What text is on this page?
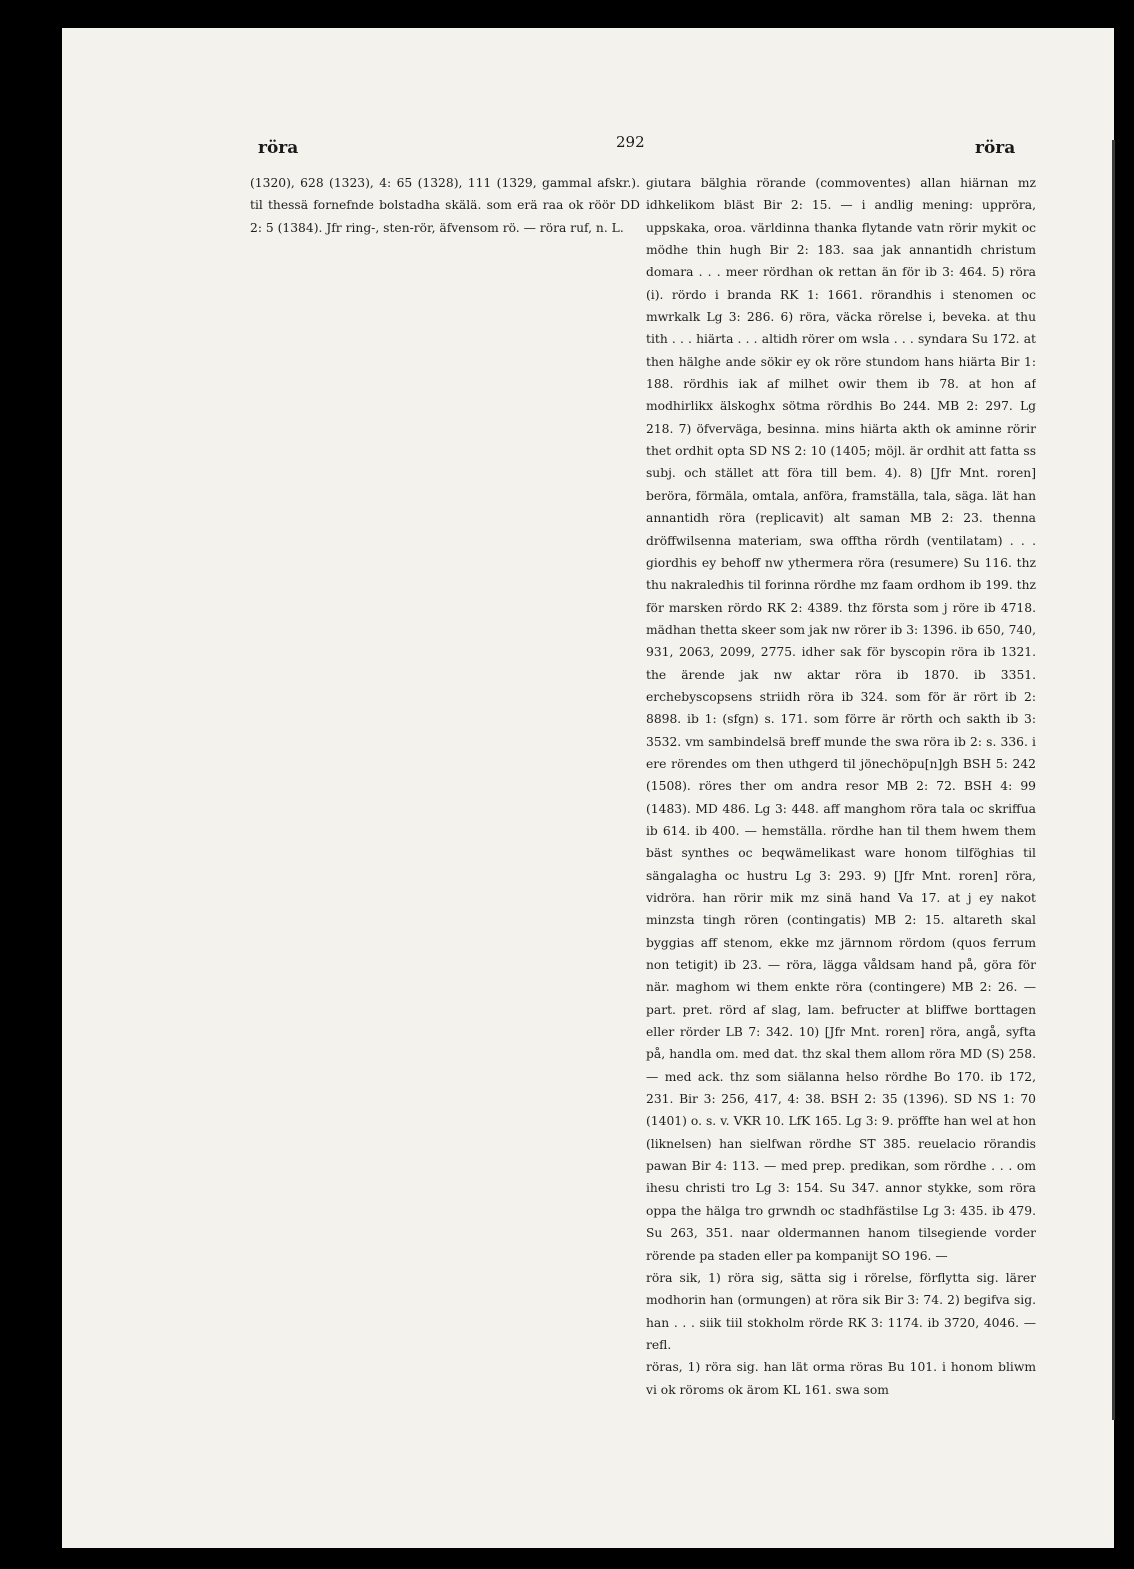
röra	292	röra

(1320), 628 (1323), 4: 65 (1328), 111 (1329, gammal afskr.). til thessä fornefnde bolstadha skälä. som erä raa ok röör DD 2: 5 (1384). Jfr ring-, sten-rör, äfvensom rö. — röra ruf, n. L.

giutara bälghia rörande (commoventes) allan hiärnan mz idhkelikom bläst Bir 2: 15. — i andlig mening: uppröra, uppskaka, oroa. världinna thanka flytande vatn rörir mykit oc mödhe thin hugh Bir 2: 183. saa jak annantidh christum domara . . . meer rördhan ok rettan än för ib 3: 464. 5) röra (i). rördo i branda RK 1: 1661. rörandhis i stenomen oc mwrkalk Lg 3: 286. 6) röra, väcka rörelse i, beveka. at thu tith . . . hiärta . . . altidh rörer om wsla . . . syndara Su 172. at then hälghe ande sökir ey ok röre stundom hans hiärta Bir 1: 188. rördhis iak af milhet owir them ib 78. at hon af modhirlikx älskoghx sötma rördhis Bo 244. MB 2: 297. Lg 218. 7) öfverväga, besinna. mins hiärta akth ok aminne rörir thet ordhit opta SD NS 2: 10 (1405; möjl. är ordhit att fatta ss subj. och stället att föra till bem. 4). 8) [Jfr Mnt. roren] beröra, förmäla, omtala, anföra, framställa, tala, säga. lät han annantidh röra (replicavit) alt saman MB 2: 23. thenna dröffwilsenna materiam, swa offtha rördh (ventilatam) . . . giordhis ey behoff nw ythermera röra (resumere) Su 116. thz thu nakraledhis til forinna rördhe mz faam ordhom ib 199. thz för marsken rördo RK 2: 4389. thz första som j röre ib 4718. mädhan thetta skeer som jak nw rörer ib 3: 1396. ib 650, 740, 931, 2063, 2099, 2775. idher sak för byscopin röra ib 1321. the ärende jak nw aktar röra ib 1870. ib 3351. erchebyscopsens striidh röra ib 324. som för är rört ib 2: 8898. ib 1: (sfgn) s. 171. som förre är rörth och sakth ib 3: 3532. vm sambindelsä breff munde the swa röra ib 2: s. 336. i ere rörendes om then uthgerd til jönechöpu[n]gh BSH 5: 242 (1508). röres ther om andra resor MB 2: 72. BSH 4: 99 (1483). MD 486. Lg 3: 448. aff manghom röra tala oc skriffua ib 614. ib 400. — hemställa. rördhe han til them hwem them bäst synthes oc beqwämelikast ware honom tilföghias til sängalagha oc hustru Lg 3: 293. 9) [Jfr Mnt. roren] röra, vidröra. han rörir mik mz sinä hand Va 17. at j ey nakot minzsta tingh rören (contingatis) MB 2: 15. altareth skal byggias aff stenom, ekke mz järnnom rördom (quos ferrum non tetigit) ib 23. — röra, lägga våldsam hand på, göra för när. maghom wi them enkte röra (contingere) MB 2: 26. — part. pret. rörd af slag, lam. befructer at bliffwe borttagen eller rörder LB 7: 342. 10) [Jfr Mnt. roren] röra, angå, syfta på, handla om. med dat. thz skal them allom röra MD (S) 258. — med ack. thz som siälanna helso rördhe Bo 170. ib 172, 231. Bir 3: 256, 417, 4: 38. BSH 2: 35 (1396). SD NS 1: 70 (1401) o. s. v. VKR 10. LfK 165. Lg 3: 9. pröffte han wel at hon (liknelsen) han sielfwan rördhe ST 385. reuelacio rörandis pawan Bir 4: 113. — med prep. predikan, som rördhe . . . om ihesu christi tro Lg 3: 154. Su 347. annor stykke, som röra oppa the hälga tro grwndh oc stadhfästilse Lg 3: 435. ib 479. Su 263, 351. naar oldermannen hanom tilsegiende vorder rörende pa staden eller pa kompanijt SO 196. —

röra sik, 1) röra sig, sätta sig i rörelse, förflytta sig. lärer modhorin han (ormungen) at röra sik Bir 3: 74. 2) begifva sig. han . . . siik tiil stokholm rörde RK 3: 1174. ib 3720, 4046. — refl.

röras, 1) röra sig. han lät orma röras Bu 101. i honom bliwm vi ok röroms ok ärom KL 161. swa som
